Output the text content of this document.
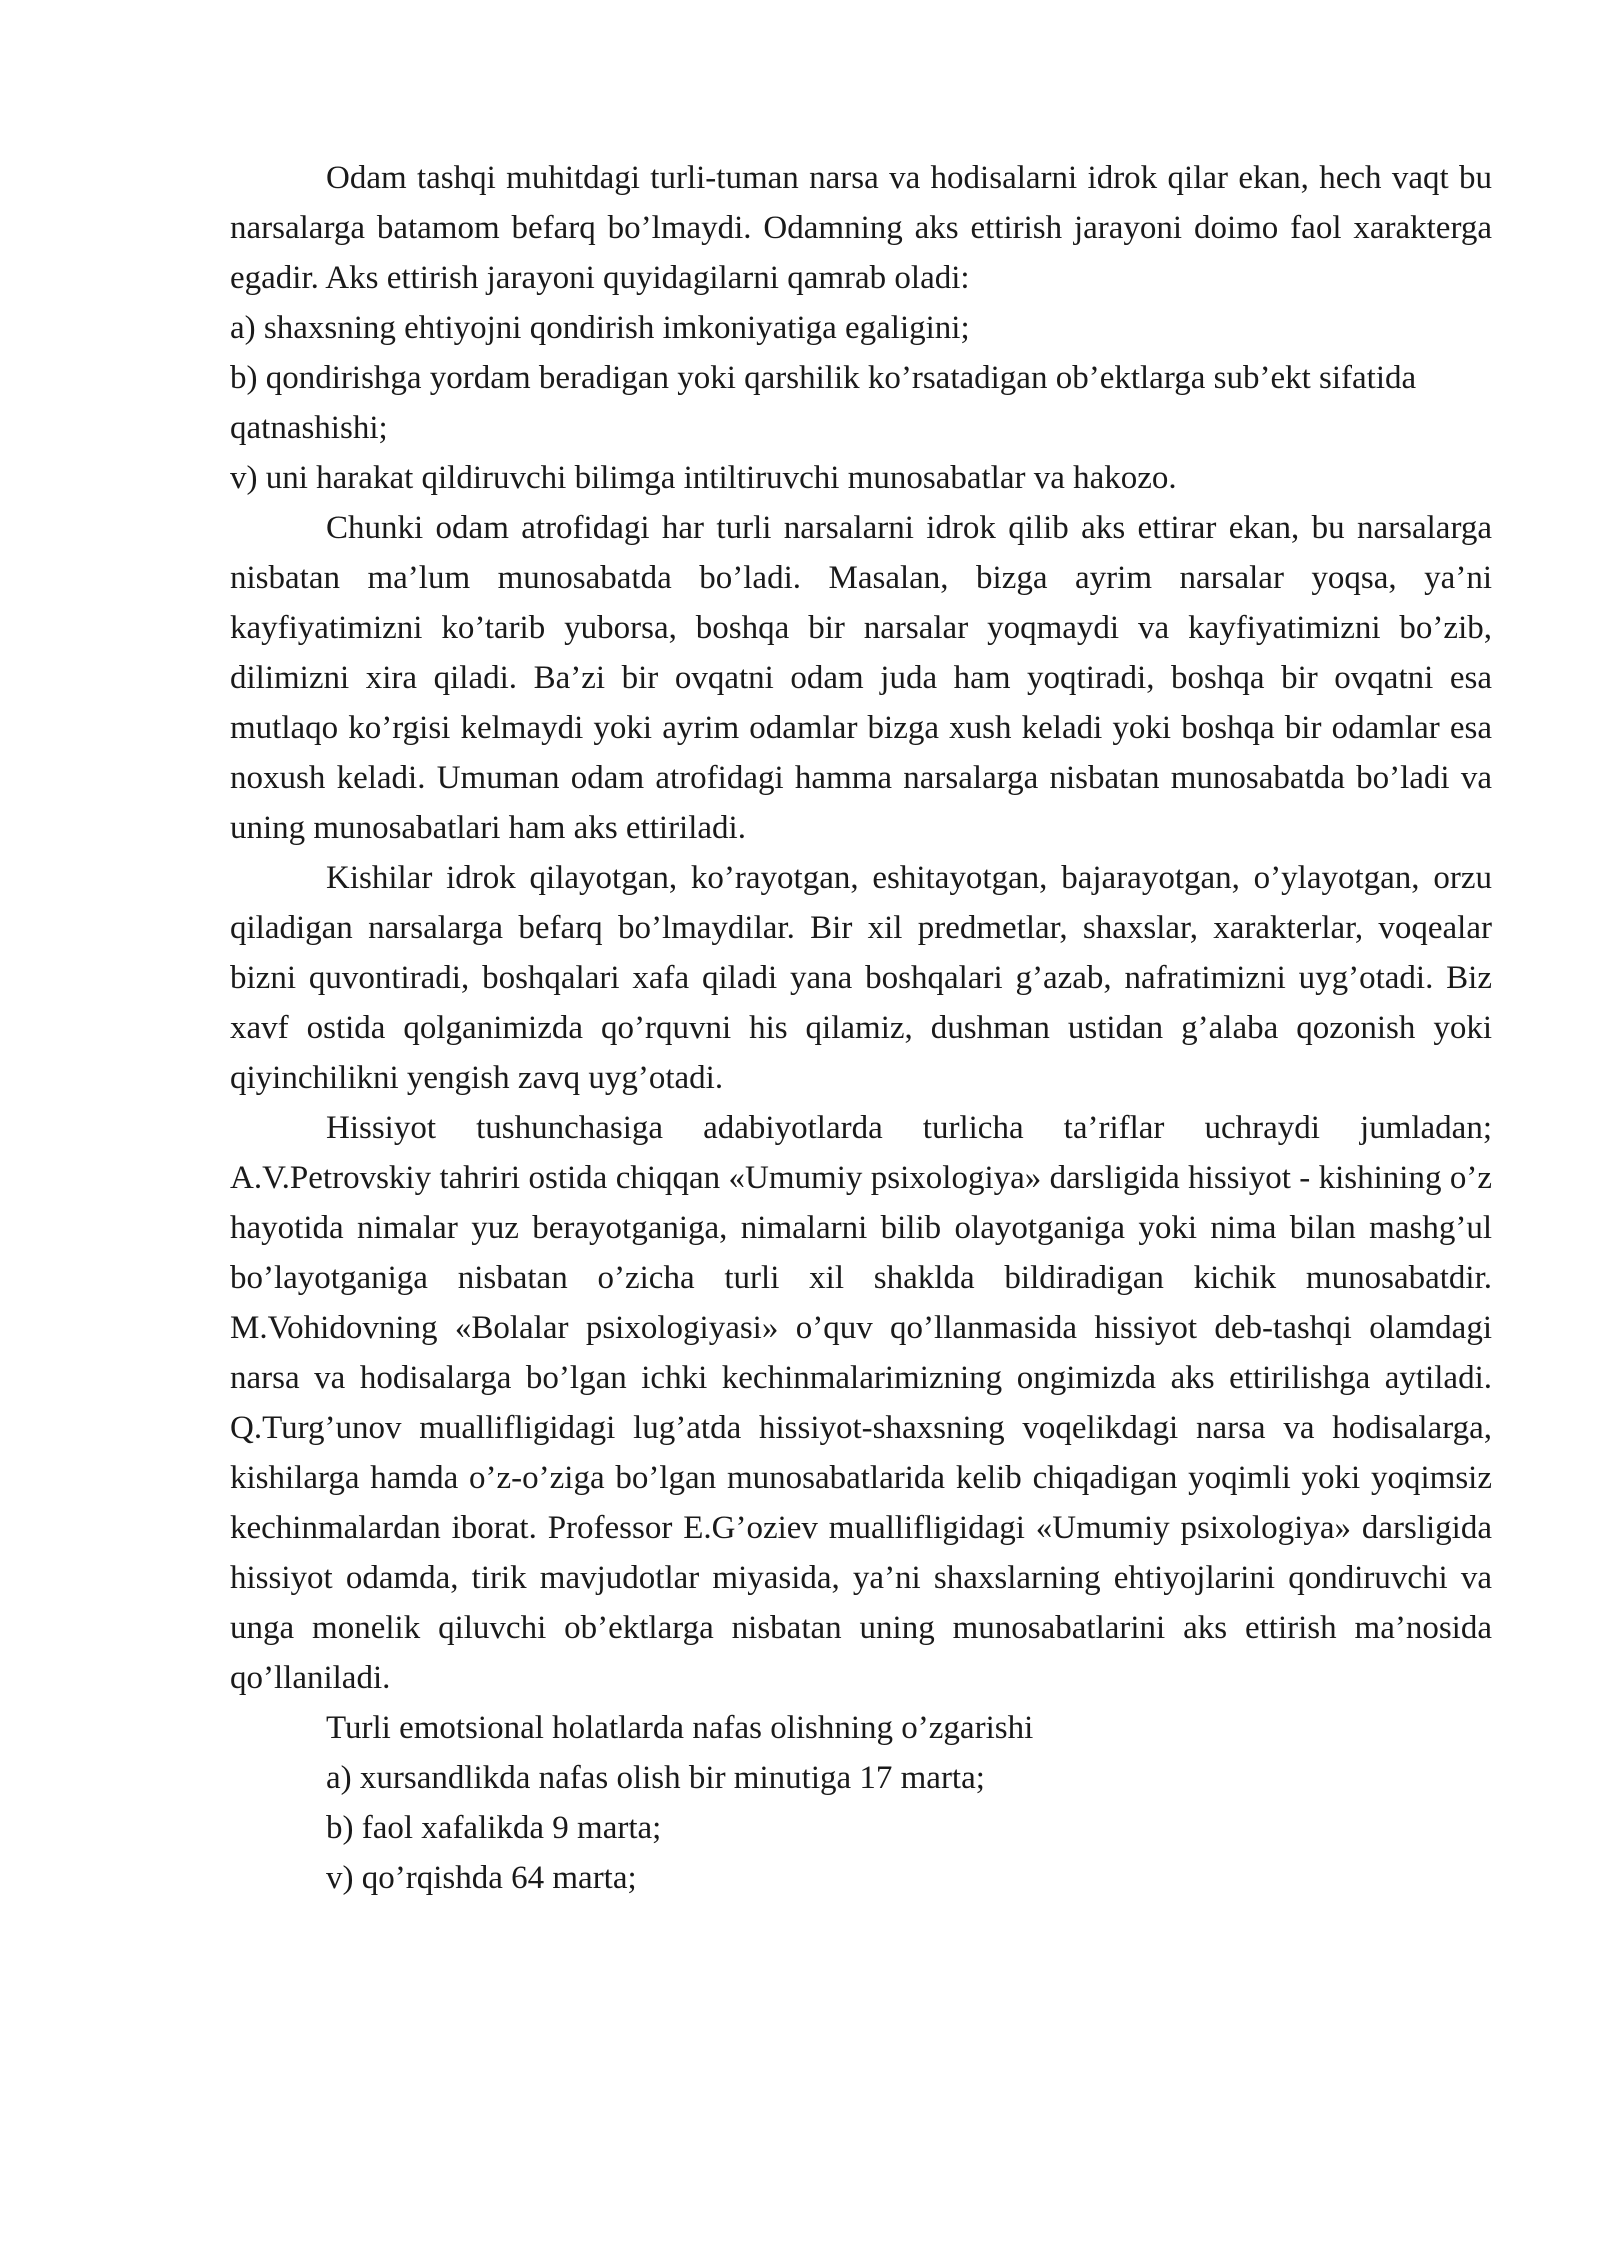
Odam tashqi muhitdagi turli-tuman narsa va hodisalarni idrok qilar ekan, hech vaqt bu narsalarga batamom befarq bo’lmaydi. Odamning aks ettirish jarayoni doimo faol xarakterga egadir. Aks ettirish jarayoni quyidagilarni qamrab oladi:

a) shaxsning ehtiyojni qondirish imkoniyatiga egaligini;

b) qondirishga yordam beradigan yoki qarshilik ko’rsatadigan ob’ektlarga sub’ekt sifatida qatnashishi;

v) uni harakat qildiruvchi bilimga intiltiruvchi munosabatlar va hakozo.

Chunki odam atrofidagi har turli narsalarni idrok qilib aks ettirar ekan, bu narsalarga nisbatan ma’lum munosabatda bo’ladi. Masalan, bizga ayrim narsalar yoqsa, ya’ni kayfiyatimizni ko’tarib yuborsa, boshqa bir narsalar yoqmaydi va kayfiyatimizni bo’zib, dilimizni xira qiladi. Ba’zi bir ovqatni odam juda ham yoqtiradi, boshqa bir ovqatni esa mutlaqo ko’rgisi kelmaydi yoki ayrim odamlar bizga xush keladi yoki boshqa bir odamlar esa noxush keladi. Umuman odam atrofidagi hamma narsalarga nisbatan munosabatda bo’ladi va uning munosabatlari ham aks ettiriladi.

Kishilar idrok qilayotgan, ko’rayotgan, eshitayotgan, bajarayotgan, o’ylayotgan, orzu qiladigan narsalarga befarq bo’lmaydilar. Bir xil predmetlar, shaxslar, xarakterlar, voqealar bizni quvontiradi, boshqalari xafa qiladi yana boshqalari g’azab, nafratimizni uyg’otadi. Biz xavf ostida qolganimizda qo’rquvni his qilamiz, dushman ustidan g’alaba qozonish yoki qiyinchilikni yengish zavq uyg’otadi.

Hissiyot tushunchasiga adabiyotlarda turlicha ta’riflar uchraydi jumladan; A.V.Petrovskiy tahriri ostida chiqqan «Umumiy psixologiya» darsligida hissiyot - kishining o’z hayotida nimalar yuz berayotganiga, nimalarni bilib olayotganiga yoki nima bilan mashg’ul bo’layotganiga nisbatan o’zicha turli xil shaklda bildiradigan kichik munosabatdir. M.Vohidovning «Bolalar psixologiyasi» o’quv qo’llanmasida hissiyot deb-tashqi olamdagi narsa va hodisalarga bo’lgan ichki kechinmalarimizning ongimizda aks ettirilishga aytiladi. Q.Turg’unov muallifligidagi lug’atda hissiyot-shaxsning voqelikdagi narsa va hodisalarga, kishilarga hamda o’z-o’ziga bo’lgan munosabatlarida kelib chiqadigan yoqimli yoki yoqimsiz kechinmalardan iborat. Professor E.G’oziev muallifligidagi «Umumiy psixologiya» darsligida hissiyot odamda, tirik mavjudotlar miyasida, ya’ni shaxslarning ehtiyojlarini qondiruvchi va unga monelik qiluvchi ob’ektlarga nisbatan uning munosabatlarini aks ettirish ma’nosida qo’llaniladi.

Turli emotsional holatlarda nafas olishning o’zgarishi

a) xursandlikda nafas olish bir minutiga 17 marta;

b) faol xafalikda 9 marta;

v) qo’rqishda 64 marta;
